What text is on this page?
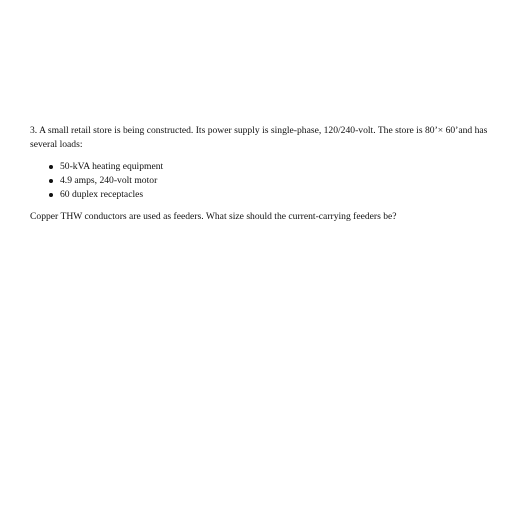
3. A small retail store is being constructed. Its power supply is single-phase, 120/240-volt. The store is 80’× 60’and has several loads:

50-kVA heating equipment
4.9 amps, 240-volt motor
60 duplex receptacles

Copper THW conductors are used as feeders. What size should the current-carrying feeders be?
